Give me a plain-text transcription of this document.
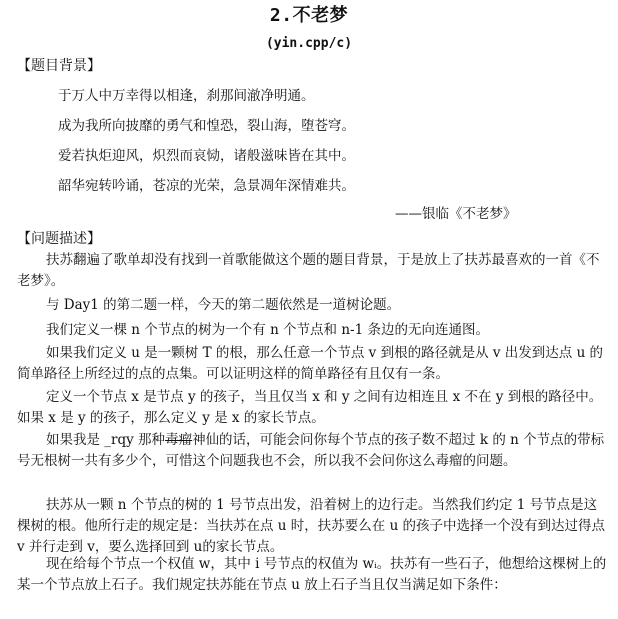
2.不老梦
(yin.cpp/c)
【题目背景】
于万人中万幸得以相逢，刹那间澈净明通。
成为我所向披靡的勇气和惶恐，裂山海，堕苍穹。
爱若执炬迎风，炽烈而哀恸，诸般滋味皆在其中。
韶华宛转吟诵，苍凉的光荣，急景凋年深情难共。
——银临《不老梦》
【问题描述】
扶苏翻遍了歌单却没有找到一首歌能做这个题的题目背景，于是放上了扶苏最喜欢的一首《不老梦》。
与 Day1 的第二题一样，今天的第二题依然是一道树论题。
我们定义一棵 n 个节点的树为一个有 n 个节点和 n-1 条边的无向连通图。
如果我们定义 u 是一颗树 T 的根，那么任意一个节点 v 到根的路径就是从 v 出发到达点 u 的简单路径上所经过的点的点集。可以证明这样的简单路径有且仅有一条。
定义一个节点 x 是节点 y 的孩子，当且仅当 x 和 y 之间有边相连且 x 不在 y 到根的路径中。如果 x 是 y 的孩子，那么定义 y 是 x 的家长节点。
如果我是 _rqy 那种毒瘤神仙的话，可能会问你每个节点的孩子数不超过 k 的 n 个节点的带标号无根树一共有多少个，可惜这个问题我也不会，所以我不会问你这么毒瘤的问题。
扶苏从一颗 n 个节点的树的 1 号节点出发，沿着树上的边行走。当然我们约定 1 号节点是这棵树的根。他所行走的规定是：当扶苏在点 u 时，扶苏要么在 u 的孩子中选择一个没有到达过得点 v 并行走到 v，要么选择回到 u的家长节点。
现在给每个节点一个权值 w，其中 i 号节点的权值为 wᵢ。扶苏有一些石子，他想给这棵树上的某一个节点放上石子。我们规定扶苏能在节点 u 放上石子当且仅当满足如下条件：
